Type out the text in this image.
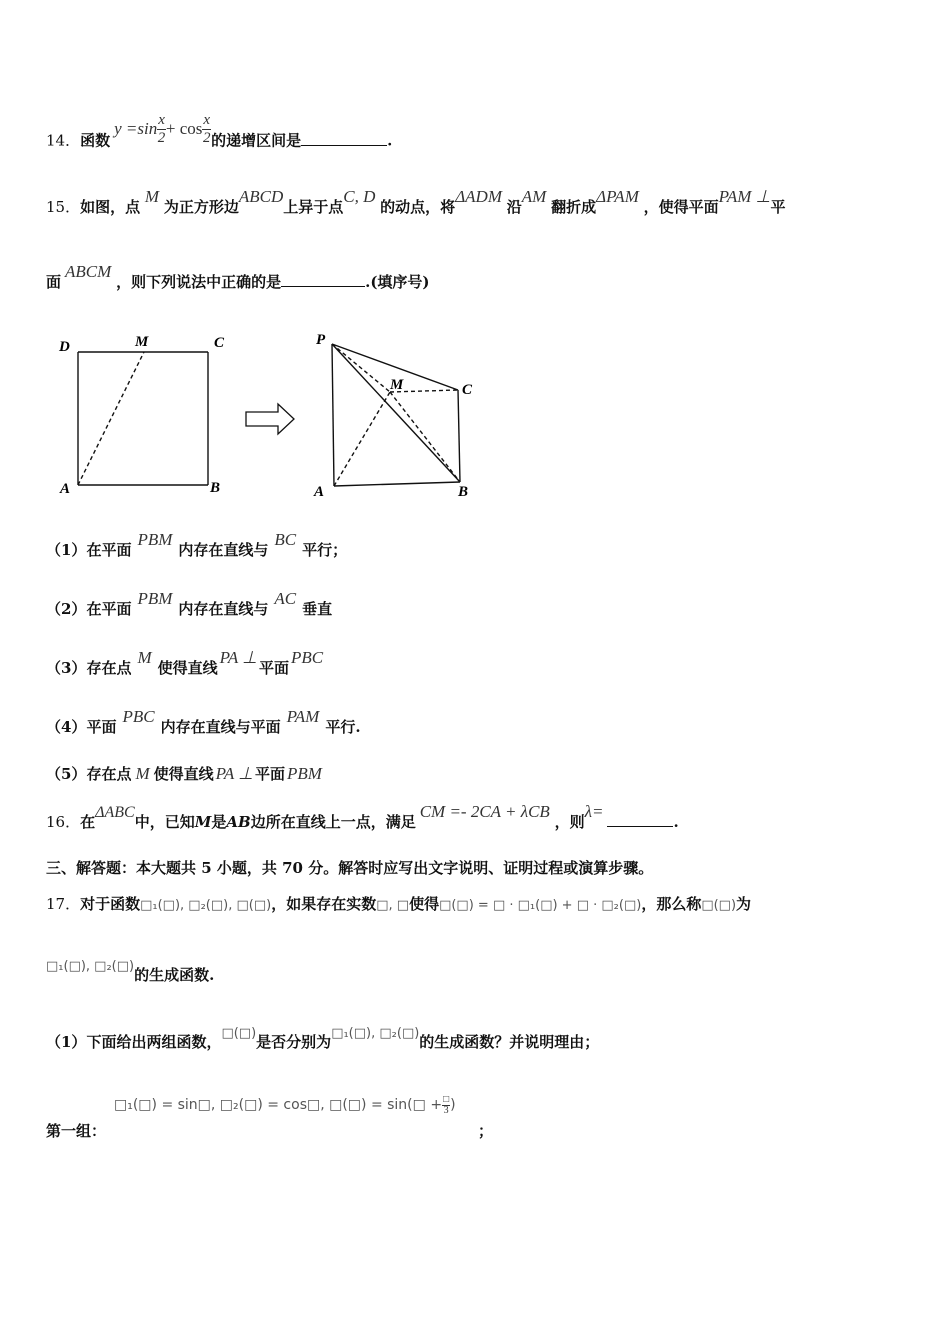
14．函数$y =\sin \frac{x}{2} + \cos \frac{x}{2}$ 的递增区间是	.
15．如图，点 M 为正方形边ABCD上异于点C, D 的动点，将ΔADM 沿AM 翻折成ΔPAM ，使得平面PAM ⊥平
面ABCM ，则下列说法中正确的是	.(填序号)
D	M	C
A	B
P
M	C
A	B
（1）在平面PBM内存在直线与BC平行；
（2）在平面PBM内存在直线与AC垂直
（3）存在点M使得直线PA ⊥平面PBC
（4）平面PBC内存在直线与平面PAM平行.
（5）存在点 M 使得直线 PA ⊥ 平面 PBM
16．在ΔABC中，已知M是AB边所在直线上一点，满足CM =- 2CA + λCB ，则λ=.
三、解答题：本大题共 5 小题，共 70 分。解答时应写出文字说明、证明过程或演算步骤。
17．对于函数□₁(□), □₂(□), □(□)，如果存在实数□, □使得□(□) = □ · □₁(□) + □ · □₂(□)，那么称□(□)为
□₁(□), □₂(□)的生成函数.
（1）下面给出两组函数，□(□)是否分别为□₁(□), □₂(□)的生成函数？并说明理由；
□₁(□) = sin□, □₂(□) = cos□, □(□) = sin(□ + $\frac{□}{3}$ )
第一组：	；
